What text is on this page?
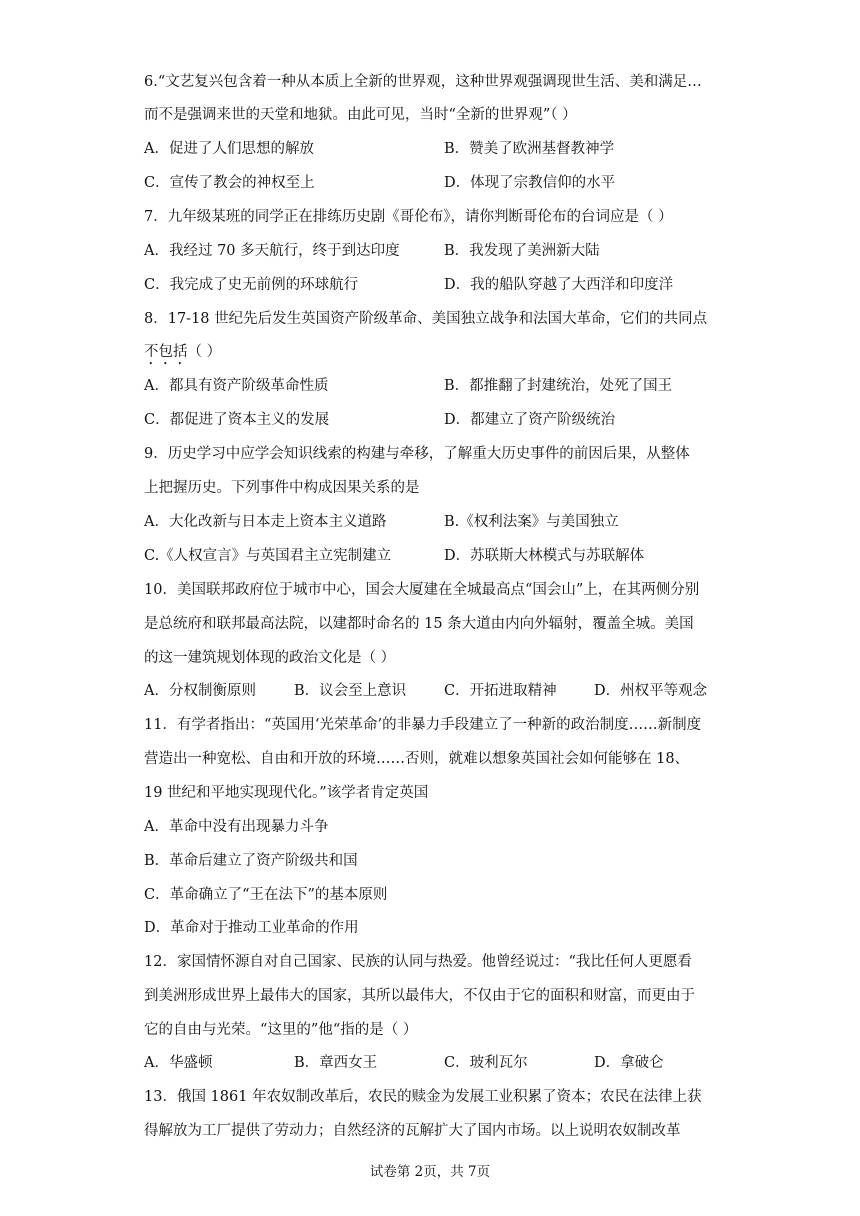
6.“文艺复兴包含着一种从本质上全新的世界观，这种世界观强调现世生活、美和满足…
而不是强调来世的天堂和地狱。由此可见，当时“全新的世界观”（ ）
A．促进了人们思想的解放	B．赞美了欧洲基督教神学
C．宣传了教会的神权至上	D．体现了宗教信仰的水平
7．九年级某班的同学正在排练历史剧《哥伦布》，请你判断哥伦布的台词应是（ ）
A．我经过 70 多天航行，终于到达印度	B．我发现了美洲新大陆
C．我完成了史无前例的环球航行	D．我的船队穿越了大西洋和印度洋
8．17-18 世纪先后发生英国资产阶级革命、美国独立战争和法国大革命，它们的共同点
不包括（ ）
A．都具有资产阶级革命性质	B．都推翻了封建统治，处死了国王
C．都促进了资本主义的发展	D．都建立了资产阶级统治
9．历史学习中应学会知识线索的构建与牵移，了解重大历史事件的前因后果，从整体
上把握历史。下列事件中构成因果关系的是
A．大化改新与日本走上资本主义道路	B.《权利法案》与美国独立
C.《人权宣言》与英国君主立宪制建立	D．苏联斯大林模式与苏联解体
10．美国联邦政府位于城市中心，国会大厦建在全城最高点“国会山”上，在其两侧分别
是总统府和联邦最高法院，以建都时命名的 15 条大道由内向外辐射，覆盖全城。美国
的这一建筑规划体现的政治文化是（ ）
A．分权制衡原则	B．议会至上意识	C．开拓进取精神	D．州权平等观念
11．有学者指出：“英国用‘光荣革命’的非暴力手段建立了一种新的政治制度……新制度
营造出一种宽松、自由和开放的环境……否则，就难以想象英国社会如何能够在 18、
19 世纪和平地实现现代化。”该学者肯定英国
A．革命中没有出现暴力斗争
B．革命后建立了资产阶级共和国
C．革命确立了“王在法下”的基本原则
D．革命对于推动工业革命的作用
12．家国情怀源自对自己国家、民族的认同与热爱。他曾经说过：“我比任何人更愿看
到美洲形成世界上最伟大的国家，其所以最伟大，不仅由于它的面积和财富，而更由于
它的自由与光荣。“这里的”他“指的是（ ）
A．华盛顿	B．章西女王	C．玻利瓦尔	D．拿破仑
13．俄国 1861 年农奴制改革后，农民的赎金为发展工业积累了资本；农民在法律上获
得解放为工厂提供了劳动力；自然经济的瓦解扩大了国内市场。以上说明农奴制改革
试卷第 2页，共 7页
